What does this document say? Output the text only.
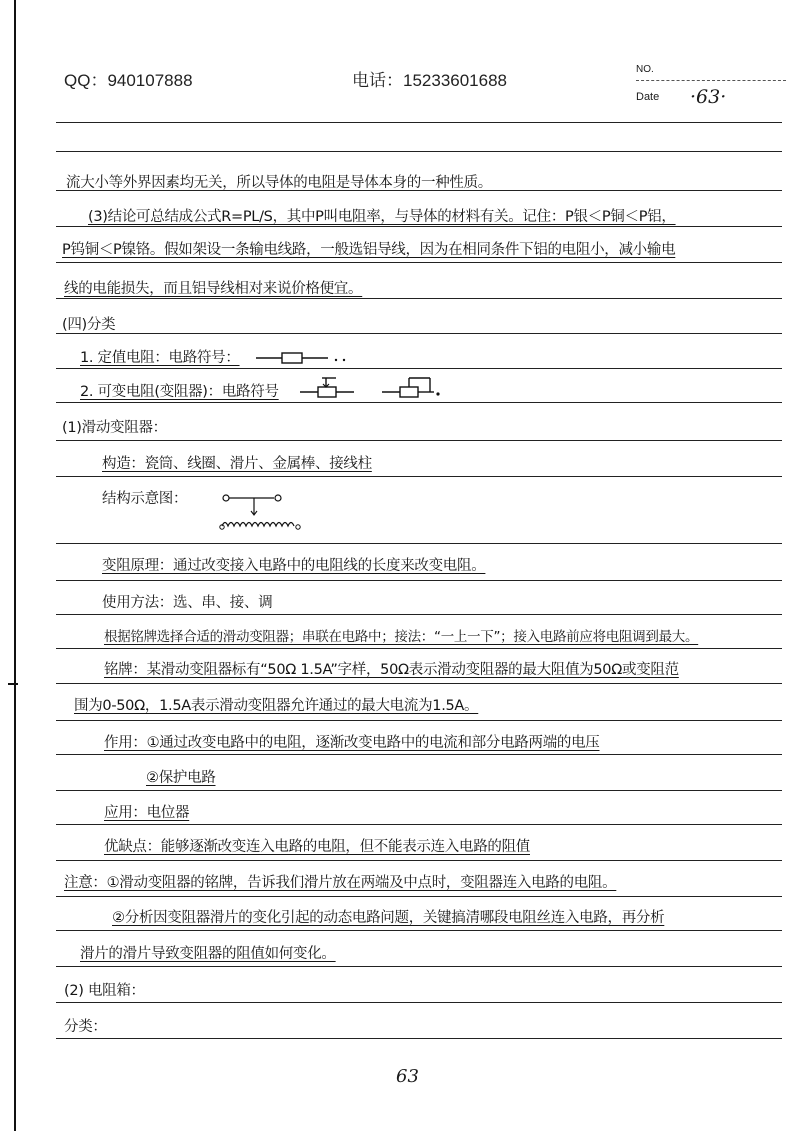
QQ：940107888	电话：15233601688
NO.
Date ·63·
流大小等外界因素均无关，所以导体的电阻是导体本身的一种性质。
(3)结论可总结成公式R=PL/S，其中P叫电阻率，与导体的材料有关。记住：P银＜P铜＜P铝，
P钨铜＜P镍铬。假如架设一条输电线路，一般选铝导线，因为在相同条件下铝的电阻小，减小输电
线的电能损失，而且铝导线相对来说价格便宜。
(四)分类
1. 定值电阻：电路符号：
2. 可变电阻(变阻器)：电路符号
(1)滑动变阻器：
构造：瓷筒、线圈、滑片、金属棒、接线柱
结构示意图：
变阻原理：通过改变接入电路中的电阻线的长度来改变电阻。
使用方法：选、串、接、调
根据铭牌选择合适的滑动变阻器；串联在电路中；接法：“一上一下”；接入电路前应将电阻调到最大。
铭牌：某滑动变阻器标有“50Ω 1.5A”字样，50Ω表示滑动变阻器的最大阻值为50Ω或变阻范
围为0-50Ω，1.5A表示滑动变阻器允许通过的最大电流为1.5A。
作用：①通过改变电路中的电阻，逐渐改变电路中的电流和部分电路两端的电压
②保护电路
应用：电位器
优缺点：能够逐渐改变连入电路的电阻，但不能表示连入电路的阻值
注意：①滑动变阻器的铭牌，告诉我们滑片放在两端及中点时，变阻器连入电路的电阻。
②分析因变阻器滑片的变化引起的动态电路问题，关键搞清哪段电阻丝连入电路，再分析
滑片的滑片导致变阻器的阻值如何变化。
(2) 电阻箱：
分类：
63
